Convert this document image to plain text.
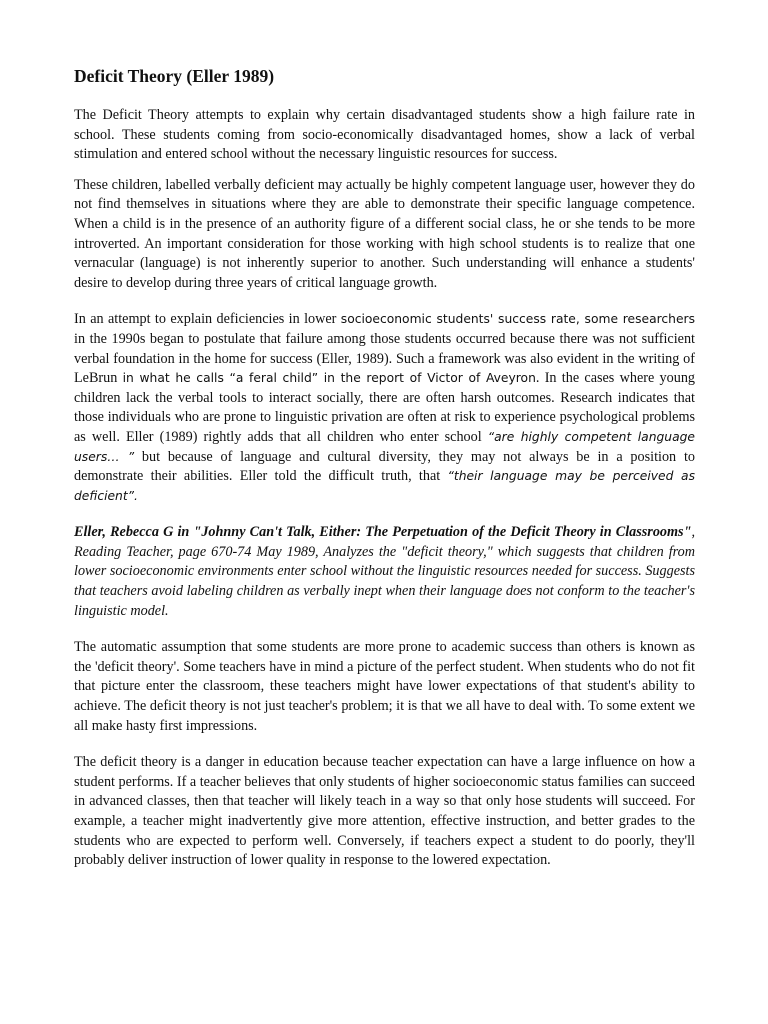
Deficit Theory (Eller 1989)

The Deficit Theory attempts to explain why certain disadvantaged students show a high failure rate in school. These students coming from socio-economically disadvantaged homes, show a lack of verbal stimulation and entered school without the necessary linguistic resources for success.

These children, labelled verbally deficient may actually be highly competent language user, however they do not find themselves in situations where they are able to demonstrate their specific language competence. When a child is in the presence of an authority figure of a different social class, he or she tends to be more introverted. An important consideration for those working with high school students is to realize that one vernacular (language) is not inherently superior to another. Such understanding will enhance a students' desire to develop during three years of critical language growth.

In an attempt to explain deficiencies in lower socioeconomic students' success rate, some researchers in the 1990s began to postulate that failure among those students occurred because there was not sufficient verbal foundation in the home for success (Eller, 1989). Such a framework was also evident in the writing of LeBrun in what he calls “a feral child” in the report of Victor of Aveyron. In the cases where young children lack the verbal tools to interact socially, there are often harsh outcomes. Research indicates that those individuals who are prone to linguistic privation are often at risk to experience psychological problems as well. Eller (1989) rightly adds that all children who enter school “are highly competent language users… ” but because of language and cultural diversity, they may not always be in a position to demonstrate their abilities. Eller told the difficult truth, that “their language may be perceived as deficient”.

Eller, Rebecca G in "Johnny Can't Talk, Either: The Perpetuation of the Deficit Theory in Classrooms", Reading Teacher, page 670-74 May 1989, Analyzes the "deficit theory," which suggests that children from lower socioeconomic environments enter school without the linguistic resources needed for success. Suggests that teachers avoid labeling children as verbally inept when their language does not conform to the teacher's linguistic model.

The automatic assumption that some students are more prone to academic success than others is known as the 'deficit theory'. Some teachers have in mind a picture of the perfect student. When students who do not fit that picture enter the classroom, these teachers might have lower expectations of that student's ability to achieve. The deficit theory is not just teacher's problem; it is that we all have to deal with. To some extent we all make hasty first impressions.

The deficit theory is a danger in education because teacher expectation can have a large influence on how a student performs. If a teacher believes that only students of higher socioeconomic status families can succeed in advanced classes, then that teacher will likely teach in a way so that only hose students will succeed. For example, a teacher might inadvertently give more attention, effective instruction, and better grades to the students who are expected to perform well. Conversely, if teachers expect a student to do poorly, they'll probably deliver instruction of lower quality in response to the lowered expectation.
